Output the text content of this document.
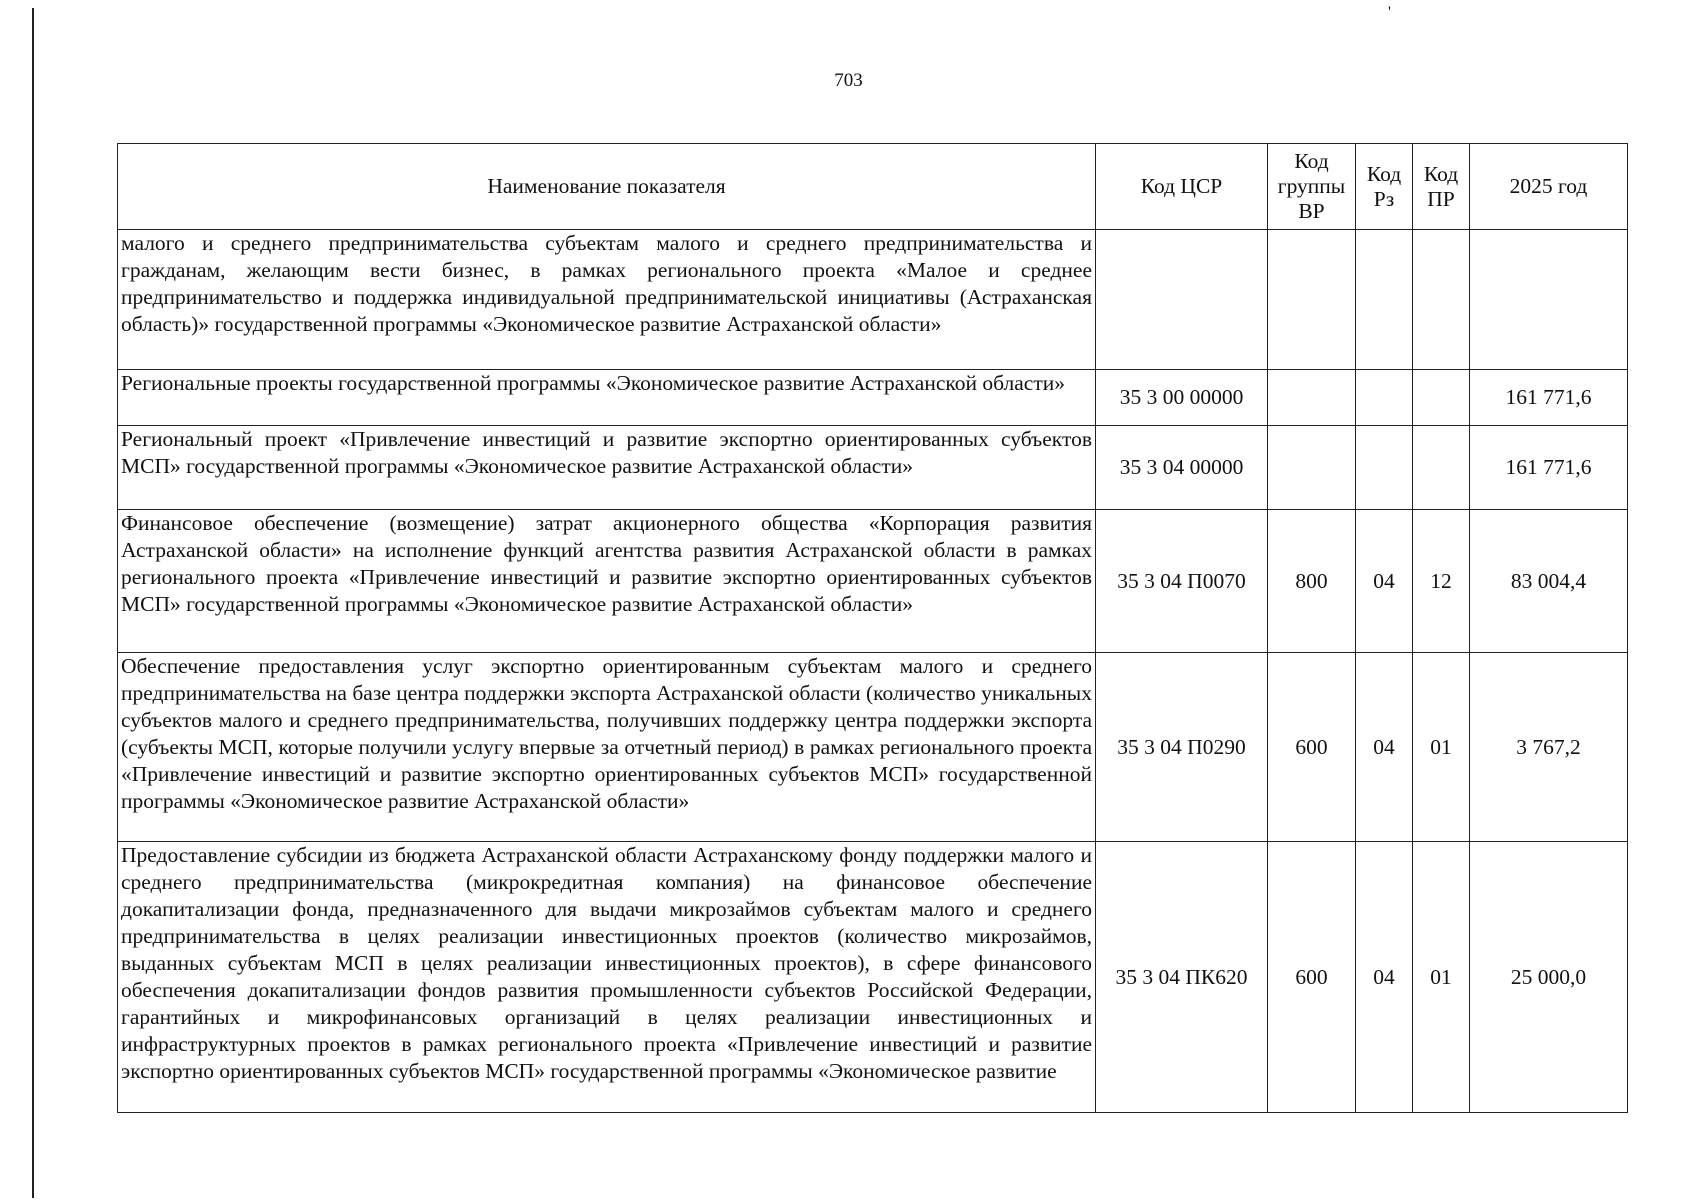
'
703
Наименование показателя	Код ЦСР	Код группы ВР	Код Рз	Код ПР	2025 год
малого и среднего предпринимательства субъектам малого и среднего предпринимательства и гражданам, желающим вести бизнес, в рамках регионального проекта «Малое и среднее предпринимательство и поддержка индивидуальной предпринимательской инициативы (Астраханская область)» государственной программы «Экономическое развитие Астраханской области»					
Региональные проекты государственной программы «Экономическое развитие Астраханской области»	35 3 00 00000				161 771,6
Региональный проект «Привлечение инвестиций и развитие экспортно ориентированных субъектов МСП» государственной программы «Экономическое развитие Астраханской области»	35 3 04 00000				161 771,6
Финансовое обеспечение (возмещение) затрат акционерного общества «Корпорация развития Астраханской области» на исполнение функций агентства развития Астраханской области в рамках регионального проекта «Привлечение инвестиций и развитие экспортно ориентированных субъектов МСП» государственной программы «Экономическое развитие Астраханской области»	35 3 04 П0070	800	04	12	83 004,4
Обеспечение предоставления услуг экспортно ориентированным субъектам малого и среднего предпринимательства на базе центра поддержки экспорта Астраханской области (количество уникальных субъектов малого и среднего предпринимательства, получивших поддержку центра поддержки экспорта (субъекты МСП, которые получили услугу впервые за отчетный период) в рамках регионального проекта «Привлечение инвестиций и развитие экспортно ориентированных субъектов МСП» государственной программы «Экономическое развитие Астраханской области»	35 3 04 П0290	600	04	01	3 767,2
Предоставление субсидии из бюджета Астраханской области Астраханскому фонду поддержки малого и среднего предпринимательства (микрокредитная компания) на финансовое обеспечение докапитализации фонда, предназначенного для выдачи микрозаймов субъектам малого и среднего предпринимательства в целях реализации инвестиционных проектов (количество микрозаймов, выданных субъектам МСП в целях реализации инвестиционных проектов), в сфере финансового обеспечения докапитализации фондов развития промышленности субъектов Российской Федерации, гарантийных и микрофинансовых организаций в целях реализации инвестиционных и инфраструктурных проектов в рамках регионального проекта «Привлечение инвестиций и развитие экспортно ориентированных субъектов МСП» государственной программы «Экономическое развитие	35 3 04 ПК620	600	04	01	25 000,0
